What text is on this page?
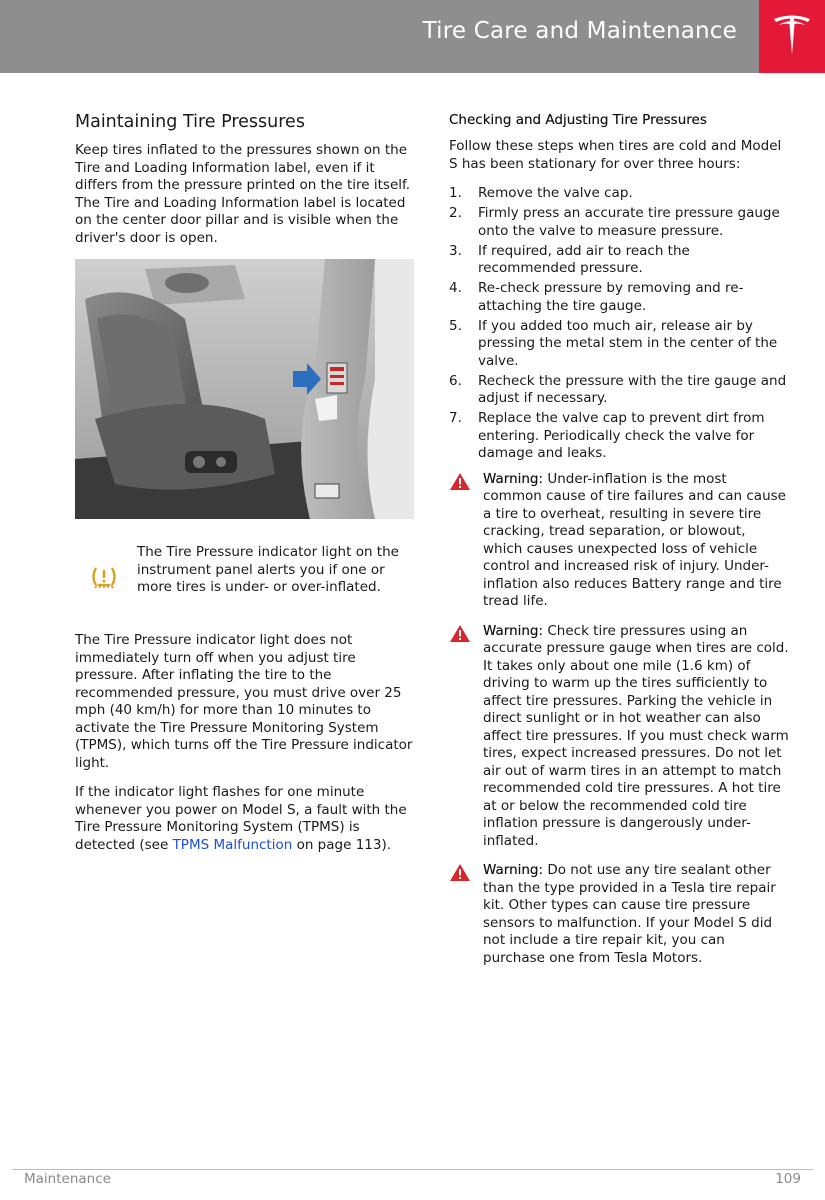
Tire Care and Maintenance
Maintaining Tire Pressures

Keep tires inflated to the pressures shown on the Tire and Loading Information label, even if it differs from the pressure printed on the tire itself. The Tire and Loading Information label is located on the center door pillar and is visible when the driver's door is open.

The Tire Pressure indicator light on the instrument panel alerts you if one or more tires is under- or over-inflated.

The Tire Pressure indicator light does not immediately turn off when you adjust tire pressure. After inflating the tire to the recommended pressure, you must drive over 25 mph (40 km/h) for more than 10 minutes to activate the Tire Pressure Monitoring System (TPMS), which turns off the Tire Pressure indicator light.

If the indicator light flashes for one minute whenever you power on Model S, a fault with the Tire Pressure Monitoring System (TPMS) is detected (see TPMS Malfunction on page 113).

Checking and Adjusting Tire Pressures

Follow these steps when tires are cold and Model S has been stationary for over three hours:

1. Remove the valve cap.
2. Firmly press an accurate tire pressure gauge onto the valve to measure pressure.
3. If required, add air to reach the recommended pressure.
4. Re-check pressure by removing and re-attaching the tire gauge.
5. If you added too much air, release air by pressing the metal stem in the center of the valve.
6. Recheck the pressure with the tire gauge and adjust if necessary.
7. Replace the valve cap to prevent dirt from entering. Periodically check the valve for damage and leaks.
Warning: Under-inflation is the most common cause of tire failures and can cause a tire to overheat, resulting in severe tire cracking, tread separation, or blowout, which causes unexpected loss of vehicle control and increased risk of injury. Under-inflation also reduces Battery range and tire tread life.
Warning: Check tire pressures using an accurate pressure gauge when tires are cold. It takes only about one mile (1.6 km) of driving to warm up the tires sufficiently to affect tire pressures. Parking the vehicle in direct sunlight or in hot weather can also affect tire pressures. If you must check warm tires, expect increased pressures. Do not let air out of warm tires in an attempt to match recommended cold tire pressures. A hot tire at or below the recommended cold tire inflation pressure is dangerously under-inflated.
Warning: Do not use any tire sealant other than the type provided in a Tesla tire repair kit. Other types can cause tire pressure sensors to malfunction. If your Model S did not include a tire repair kit, you can purchase one from Tesla Motors.
Maintenance	109
